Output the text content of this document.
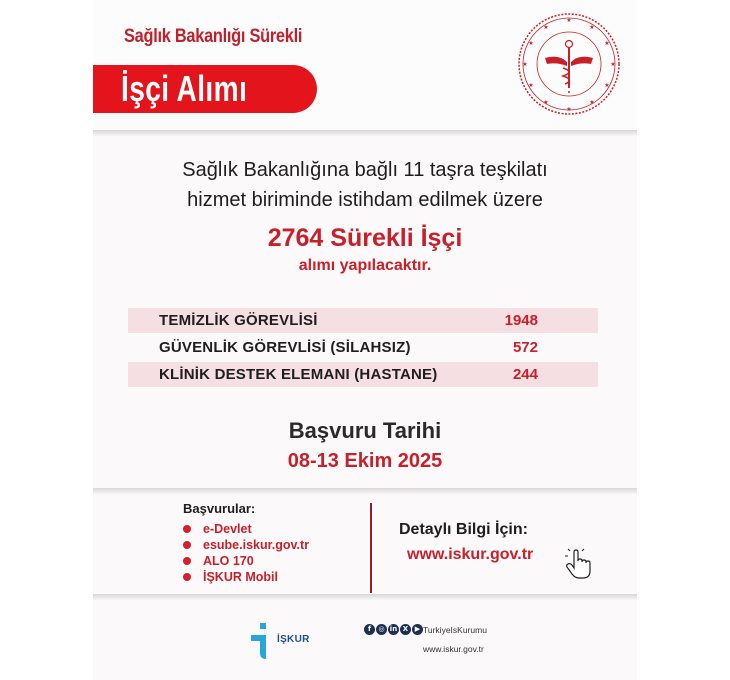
Sağlık Bakanlığı Sürekli
İşçi Alımı
★
★
★
★
★
★
★
★
★
★
★
★
Sağlık Bakanlığına bağlı 11 taşra teşkilatı
hizmet biriminde istihdam edilmek üzere
2764 Sürekli İşçi
alımı yapılacaktır.
TEMİZLİK GÖREVLİSİ	1948
GÜVENLİK GÖREVLİSİ (SİLAHSIZ)	572
KLİNİK DESTEK ELEMANI (HASTANE)	244
Başvuru Tarihi
08-13 Ekim 2025
Başvurular:
e-Devlet
esube.iskur.gov.tr
ALO 170
İŞKUR Mobil
Detaylı Bilgi İçin:
www.iskur.gov.tr
İŞKUR
f	◎ in X ▶ TurkiyeIsKurumu
www.iskur.gov.tr
